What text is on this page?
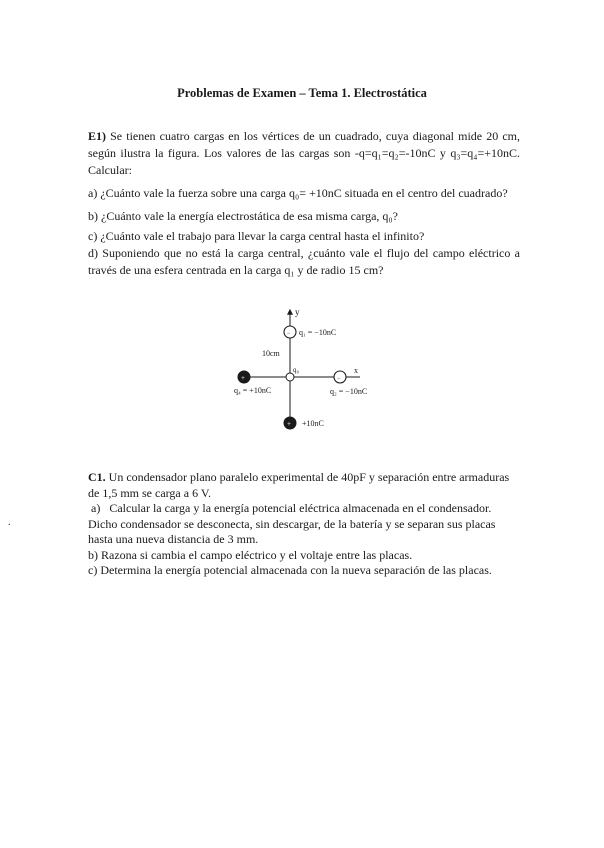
Problemas de Examen – Tema 1. Electrostática

E1) Se tienen cuatro cargas en los vértices de un cuadrado, cuya diagonal mide 20 cm, según ilustra la figura. Los valores de las cargas son -q=q₁=q₂=-10nC y q₃=q₄=+10nC. Calcular:

a) ¿Cuánto vale la fuerza sobre una carga q₀= +10nC situada en el centro del cuadrado?

b) ¿Cuánto vale la energía electrostática de esa misma carga, q₀?

c) ¿Cuánto vale el trabajo para llevar la carga central hasta el infinito?

d) Suponiendo que no está la carga central, ¿cuánto vale el flujo del campo eléctrico a través de una esfera centrada en la carga q₁ y de radio 15 cm?

y
x
10cm
− q₁ = −10nC
−
q₂ = −10nC
+ +10nC
+
q₄ = +10nC
q₀
C1. Un condensador plano paralelo experimental de 40pF y separación entre armaduras
de 1,5 mm se carga a 6 V.
a)   Calcular la carga y la energía potencial eléctrica almacenada en el condensador.
Dicho condensador se desconecta, sin descargar, de la batería y se separan sus placas
hasta una nueva distancia de 3 mm.
b) Razona si cambia el campo eléctrico y el voltaje entre las placas.
c) Determina la energía potencial almacenada con la nueva separación de las placas.
.
